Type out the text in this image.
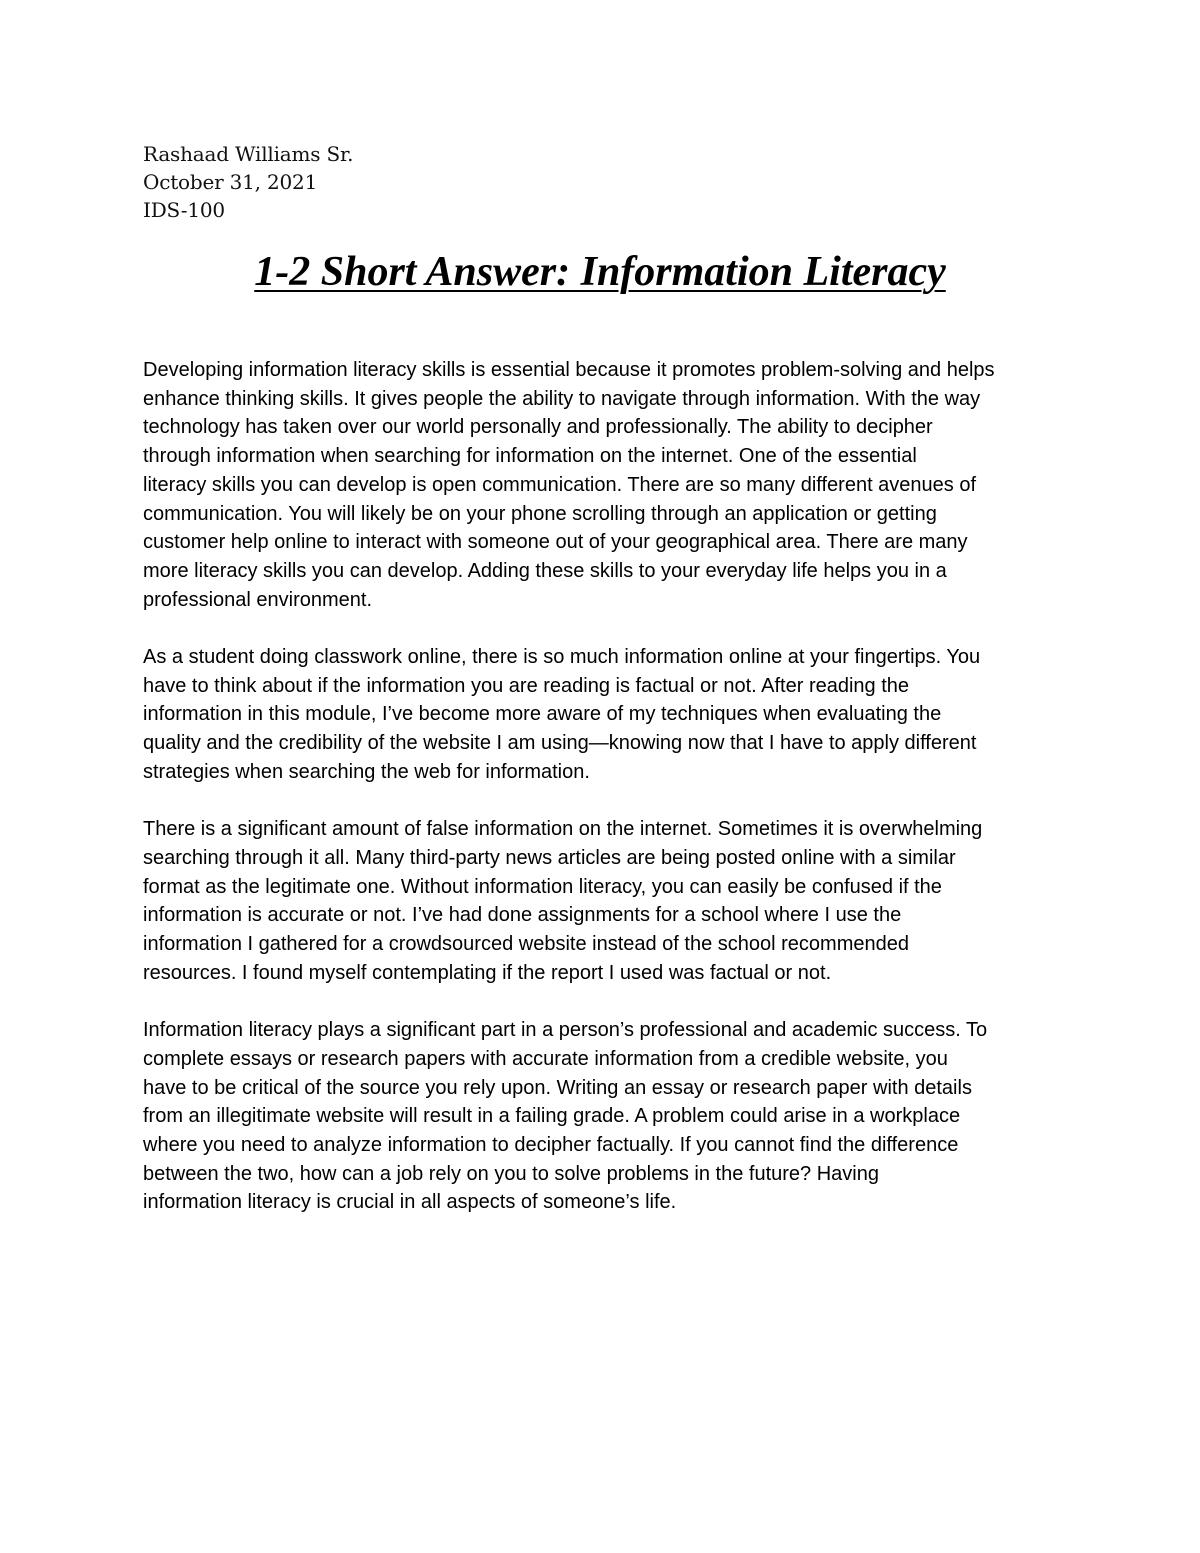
Rashaad Williams Sr.
October 31, 2021
IDS-100
1-2 Short Answer: Information Literacy

Developing information literacy skills is essential because it promotes problem-solving and helps
enhance thinking skills. It gives people the ability to navigate through information. With the way
technology has taken over our world personally and professionally. The ability to decipher
through information when searching for information on the internet. One of the essential
literacy skills you can develop is open communication. There are so many different avenues of
communication. You will likely be on your phone scrolling through an application or getting
customer help online to interact with someone out of your geographical area. There are many
more literacy skills you can develop. Adding these skills to your everyday life helps you in a
professional environment.

As a student doing classwork online, there is so much information online at your fingertips. You
have to think about if the information you are reading is factual or not. After reading the
information in this module, I’ve become more aware of my techniques when evaluating the
quality and the credibility of the website I am using—knowing now that I have to apply different
strategies when searching the web for information.

There is a significant amount of false information on the internet. Sometimes it is overwhelming
searching through it all. Many third-party news articles are being posted online with a similar
format as the legitimate one. Without information literacy, you can easily be confused if the
information is accurate or not. I’ve had done assignments for a school where I use the
information I gathered for a crowdsourced website instead of the school recommended
resources. I found myself contemplating if the report I used was factual or not.

Information literacy plays a significant part in a person’s professional and academic success. To
complete essays or research papers with accurate information from a credible website, you
have to be critical of the source you rely upon. Writing an essay or research paper with details
from an illegitimate website will result in a failing grade. A problem could arise in a workplace
where you need to analyze information to decipher factually. If you cannot find the difference
between the two, how can a job rely on you to solve problems in the future? Having
information literacy is crucial in all aspects of someone’s life.
